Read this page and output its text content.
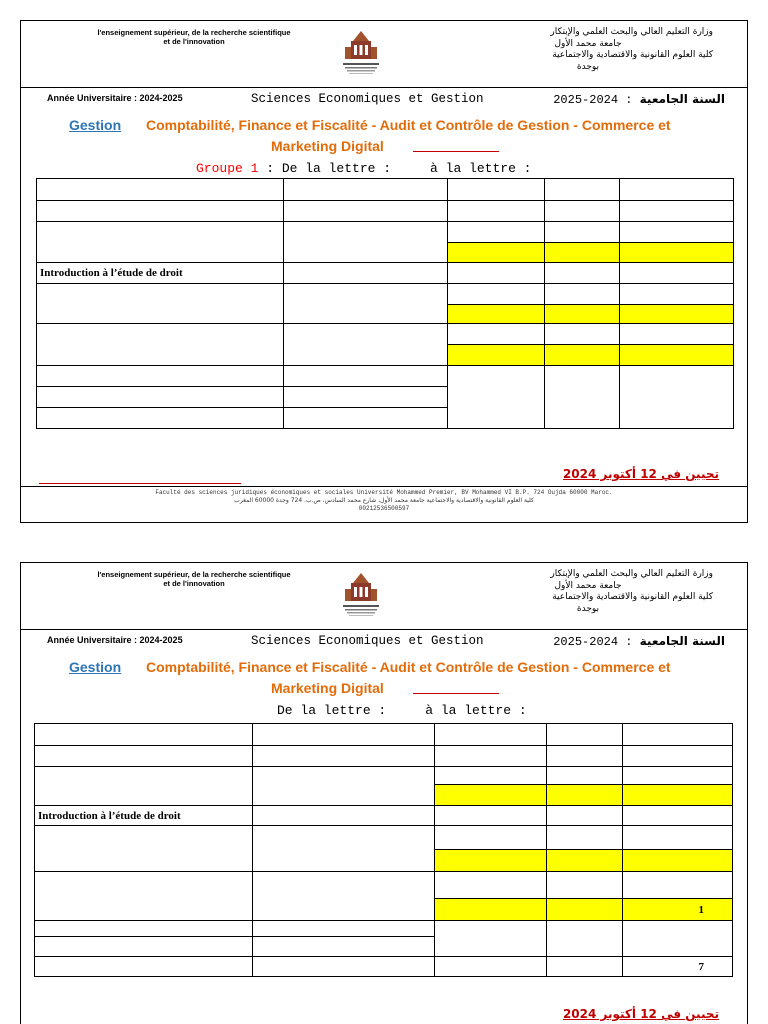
l'enseignement supérieur, de la recherche scientifique
et de l'innovation
وزارة التعليم العالي والبحث العلمي والإبتكار
جامعة محمد الأول
كلية العلوم القانونية والاقتصادية والاجتماعية
بوجدة
Année Universitaire : 2024-2025	Sciences Economiques et Gestion	2025-2024 : السنة الجامعية
Gestion Comptabilité, Finance et Fiscalité - Audit et Contrôle de Gestion - Commerce et
Marketing Digital
Groupe 1 : De la lettre :     à la lettre :

Introduction à l’étude de droit				

تحيين في 12 أكتوبر 2024
Faculté des sciences juridiques économiques et sociales Université Mohammed Premier, BV Mohammed VI B.P. 724 Oujda 60000 Maroc.
كلية العلوم القانونية والاقتصادية والاجتماعية جامعة محمد الأول، شارع محمد السادس، ص.ب. 724 وجدة 60000 المغرب
00212536500597
l'enseignement supérieur, de la recherche scientifique
et de l'innovation
وزارة التعليم العالي والبحث العلمي والإبتكار
جامعة محمد الأول
كلية العلوم القانونية والاقتصادية والاجتماعية
بوجدة
Année Universitaire : 2024-2025	Sciences Economiques et Gestion	2025-2024 : السنة الجامعية
Gestion Comptabilité, Finance et Fiscalité - Audit et Contrôle de Gestion - Commerce et
Marketing Digital
De la lettre :     à la lettre :

Introduction à l’étude de droit				

				1

				7
تحيين في 12 أكتوبر 2024
